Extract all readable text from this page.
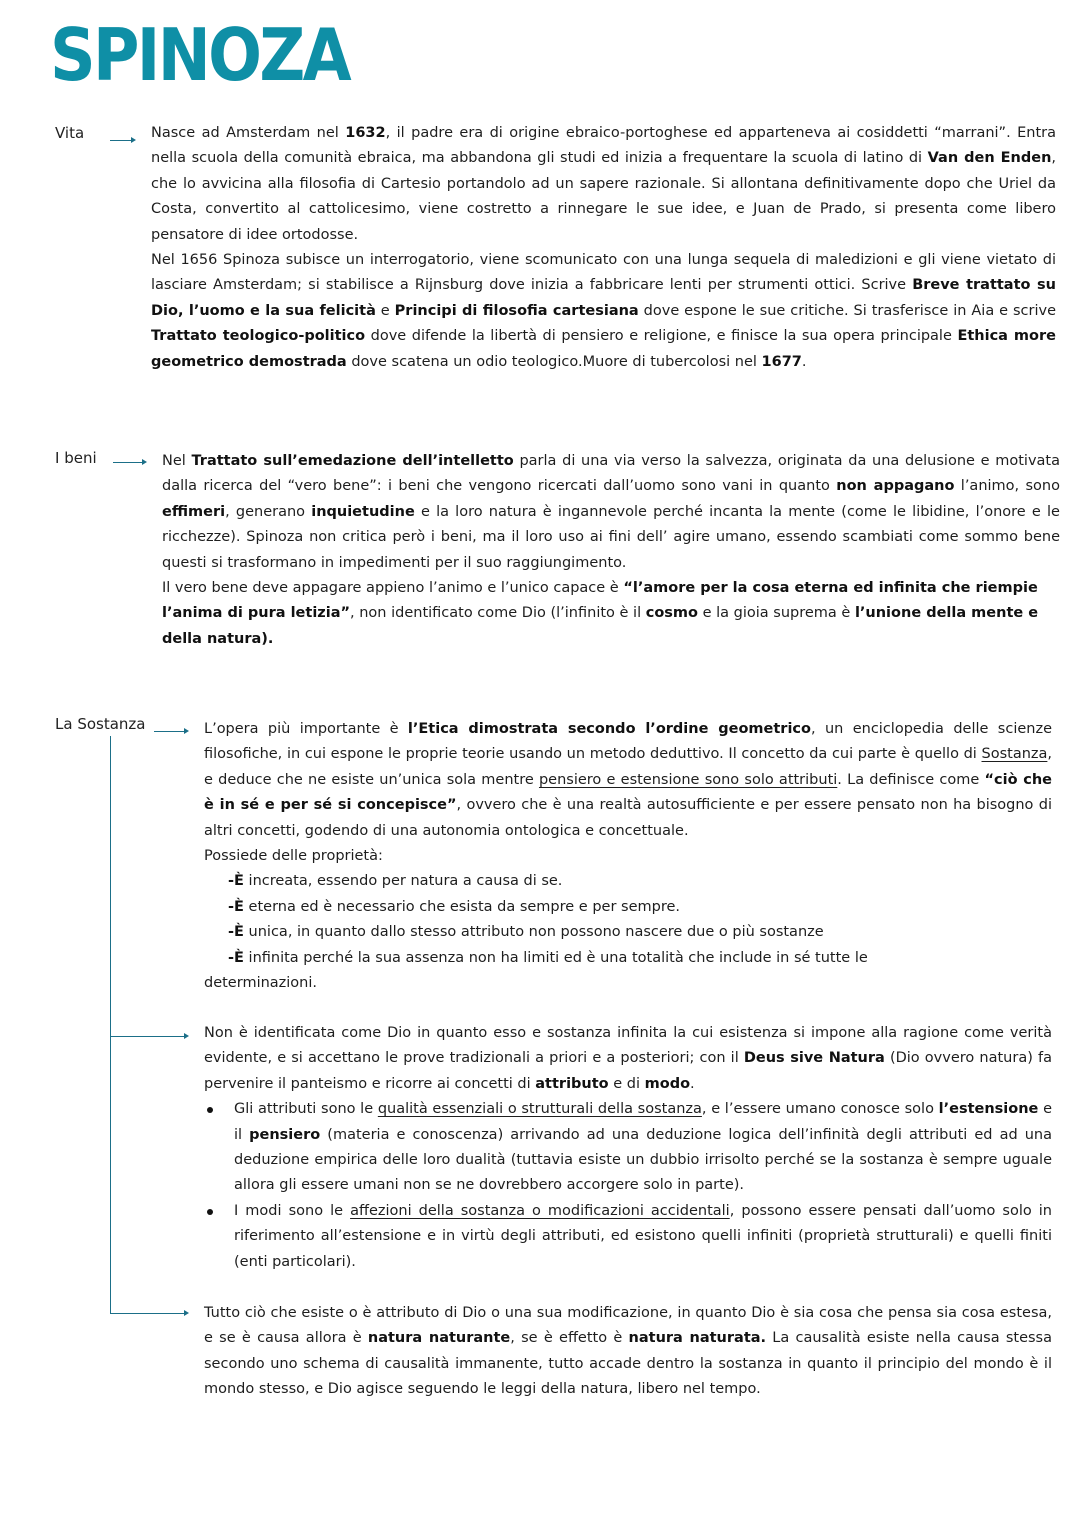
SPINOZA
Vita	Nasce ad Amsterdam nel 1632, il padre era di origine ebraico-portoghese ed apparteneva ai cosiddetti “marrani”. Entra nella scuola della comunità ebraica, ma abbandona gli studi ed inizia a frequentare la scuola di latino di Van den Enden, che lo avvicina alla filosofia di Cartesio portandolo ad un sapere razionale. Si allontana definitivamente dopo che Uriel da Costa, convertito al cattolicesimo, viene costretto a rinnegare le sue idee, e Juan de Prado, si presenta come libero pensatore di idee ortodosse.

Nel 1656 Spinoza subisce un interrogatorio, viene scomunicato con una lunga sequela di maledizioni e gli viene vietato di lasciare Amsterdam; si stabilisce a Rijnsburg dove inizia a fabbricare lenti per strumenti ottici. Scrive Breve trattato su Dio, l’uomo e la sua felicità e Principi di filosofia cartesiana dove espone le sue critiche. Si trasferisce in Aia e scrive Trattato teologico-politico dove difende la libertà di pensiero e religione, e finisce la sua opera principale Ethica more geometrico demostrada dove scatena un odio teologico.Muore di tubercolosi nel 1677.

I beni	Nel Trattato sull’emedazione dell’intelletto parla di una via verso la salvezza, originata da una delusione e motivata dalla ricerca del “vero bene”: i beni che vengono ricercati dall’uomo sono vani in quanto non appagano l’animo, sono effimeri, generano inquietudine e la loro natura è ingannevole perché incanta la mente (come le libidine, l’onore e le ricchezze). Spinoza non critica però i beni, ma il loro uso ai fini dell’ agire umano, essendo scambiati come sommo bene questi si trasformano in impedimenti per il suo raggiungimento.

Il vero bene deve appagare appieno l’animo e l’unico capace è “l’amore per la cosa eterna ed infinita che riempie l’anima di pura letizia”, non identificato come Dio (l’infinito è il cosmo e la gioia suprema è l’unione della mente e della natura).

La Sostanza	L’opera più importante è l’Etica dimostrata secondo l’ordine geometrico, un enciclopedia delle scienze filosofiche, in cui espone le proprie teorie usando un metodo deduttivo. Il concetto da cui parte è quello di Sostanza, e deduce che ne esiste un’unica sola mentre pensiero e estensione sono solo attributi. La definisce come “ciò che è in sé e per sé si concepisce”, ovvero che è una realtà autosufficiente e per essere pensato non ha bisogno di altri concetti, godendo di una autonomia ontologica e concettuale.

Possiede delle proprietà:

-È increata, essendo per natura a causa di se.

-È eterna ed è necessario che esista da sempre e per sempre.

-È unica, in quanto dallo stesso attributo non possono nascere due o più sostanze

-È infinita perché la sua assenza non ha limiti ed è una totalità che include in sé tutte le

determinazioni.

Non è identificata come Dio in quanto esso e sostanza infinita la cui esistenza si impone alla ragione come verità evidente, e si accettano le prove tradizionali a priori e a posteriori; con il Deus sive Natura (Dio ovvero natura) fa pervenire il panteismo e ricorre ai concetti di attributo e di modo.

Gli attributi sono le qualità essenziali o strutturali della sostanza, e l’essere umano conosce solo l’estensione e il pensiero (materia e conoscenza) arrivando ad una deduzione logica dell’infinità degli attributi ed ad una deduzione empirica delle loro dualità (tuttavia esiste un dubbio irrisolto perché se la sostanza è sempre uguale allora gli essere umani non se ne dovrebbero accorgere solo in parte).
I modi sono le affezioni della sostanza o modificazioni accidentali, possono essere pensati dall’uomo solo in riferimento all’estensione e in virtù degli attributi, ed esistono quelli infiniti (proprietà strutturali) e quelli finiti (enti particolari).

Tutto ciò che esiste o è attributo di Dio o una sua modificazione, in quanto Dio è sia cosa che pensa sia cosa estesa, e se è causa allora è natura naturante, se è effetto è natura naturata. La causalità esiste nella causa stessa secondo uno schema di causalità immanente, tutto accade dentro la sostanza in quanto il principio del mondo è il mondo stesso, e Dio agisce seguendo le leggi della natura, libero nel tempo.
